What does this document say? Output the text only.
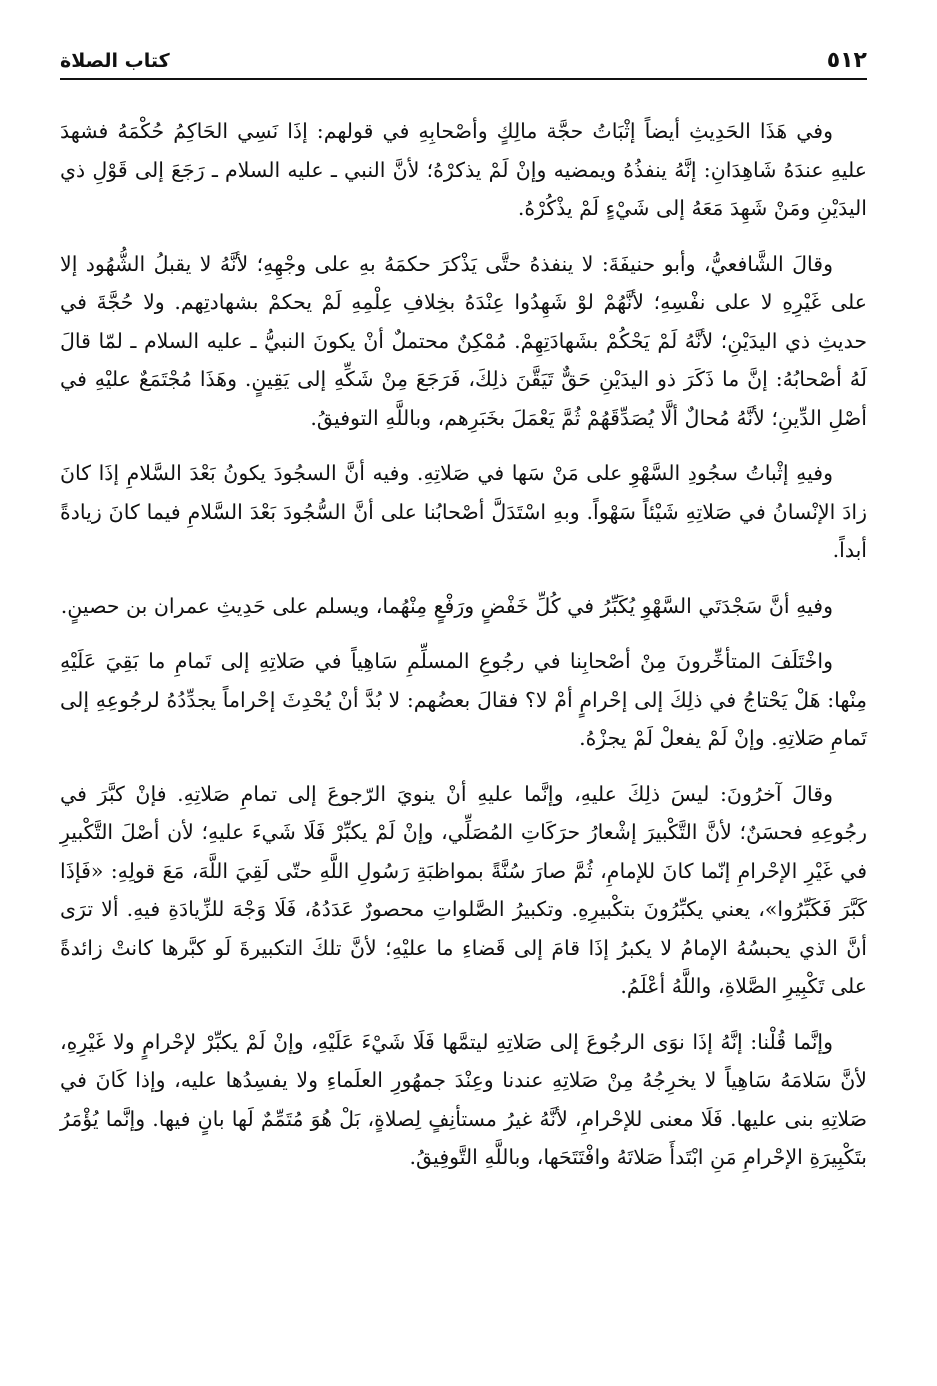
٥١٢
كتاب الصلاة

وفي هَذَا الحَدِيثِ أيضاً إثْبَاتُ حجَّة مالِكٍ وأصْحابِهِ في قولهم: إذَا نَسِي الحَاكِمُ حُكْمَهُ فشهدَ عليهِ عندَهُ شَاهِدَانِ: إنَّهُ ينفذُهُ ويمضيه وإنْ لَمْ يذكرْهُ؛ لأنَّ النبي ـ عليه السلام ـ رَجَعَ إلى قَوْلِ ذي اليدَيْنِ ومَنْ شَهِدَ مَعَهُ إلى شَيْءٍ لَمْ يذْكُرْهُ.

وقالَ الشَّافعيُّ، وأبو حنيفَةَ: لا ينفذهُ حتَّى يَذْكرَ حكمَهُ بهِ على وجْهِهِ؛ لأنَّهُ لا يقبلُ الشُّهُود إلا على غَيْرِهِ لا على نفْسِهِ؛ لأنَّهُمْ لوْ شَهِدُوا عِنْدَهُ بخِلافِ عِلْمِهِ لَمْ يحكمْ بشهادتِهم. ولا حُجَّةَ في حديثِ ذي اليدَيْنِ؛ لأنَّهُ لَمْ يَحْكُمْ بشَهادَتِهِمْ. مُمْكِنٌ محتملٌ أنْ يكونَ النبيُّ ـ عليه السلام ـ لمّا قالَ لَهُ أصْحابُهُ: إنَّ ما ذَكَرَ ذو اليدَيْنِ حَقٌّ تَيَقَّنَ ذلِكَ، فَرَجَعَ مِنْ شَكِّهِ إلى يَقِينٍ. وهَذَا مُجْتَمَعٌ عليْهِ في أصْلِ الدِّينِ؛ لأنَّهُ مُحالٌ ألَّا يُصَدِّقَهُمْ ثُمَّ يَعْمَلَ بخَبَرِهم، وباللَّهِ التوفيقُ.

وفيهِ إثْباتُ سجُودِ السَّهْوِ على مَنْ سَها في صَلاتِهِ. وفيه أنَّ السجُودَ يكونُ بَعْدَ السَّلامِ إذَا كانَ زادَ الإنْسانُ في صَلاتِهِ شَيْئاً سَهْواً. وبهِ اسْتَدَلَّ أصْحابُنا على أنَّ السُّجُودَ بَعْدَ السَّلامِ فيما كانَ زيادةً أبداً.

وفيهِ أنَّ سَجْدَتَي السَّهْوِ يُكَبِّرُ في كُلِّ خَفْضٍ ورَفْعٍ مِنْهُما، ويسلم على حَدِيثِ عمران بن حصينٍ.

واخْتَلَفَ المتأخِّرونَ مِنْ أصْحابِنا في رجُوعِ المسلِّمِ سَاهِياً في صَلاتِهِ إلى تَمامِ ما بَقِيَ عَلَيْهِ مِنْها: هَلْ يَحْتاجُ في ذلِكَ إلى إحْرامٍ أمْ لا؟ فقالَ بعضُهم: لا بُدَّ أنْ يُحْدِثَ إحْراماً يجدِّدُهُ لرجُوعِهِ إلى تَمامِ صَلاتِهِ. وإنْ لَمْ يفعلْ لَمْ يجزْهُ.

وقالَ آخرُونَ: ليسَ ذلِكَ عليهِ، وإنَّما عليهِ أنْ ينويَ الرّجوعَ إلى تمامِ صَلاتِهِ. فإنْ كبَّرَ في رجُوعِهِ فحسَنٌ؛ لأنَّ التَّكْبيرَ إشْعارُ حرَكَاتِ المُصَلِّي، وإنْ لَمْ يكبِّرْ فَلَا شَيءَ عليهِ؛ لأن أصْلَ التَّكْبيرِ في غَيْرِ الإحْرامِ إنّما كانَ للإمامِ، ثُمَّ صارَ سُنَّةً بمواظبَةِ رَسُولِ اللَّهِ حتّى لَقِيَ اللَّهَ، مَعَ قولِهِ: «فَإذَا كَبَّرَ فَكَبِّرُوا»، يعني يكبِّرُونَ بتكْبيرِهِ. وتكبيرُ الصَّلواتِ محصورٌ عَدَدُهُ، فَلَا وَجْهَ للزِّيادَةِ فيهِ. ألا ترَى أنَّ الذي يحبسُهُ الإمامُ لا يكبرُ إذَا قامَ إلى قَضاءِ ما عليْهِ؛ لأنَّ تلكَ التكبيرةَ لَو كبَّرها كانتْ زائدةً على تَكْبِيرِ الصَّلاةِ، واللَّهُ أعْلَمُ.

وإنَّما قُلْنا: إنَّهُ إذَا نوَى الرجُوعَ إلى صَلاتِهِ ليتمَّها فَلَا شَيْءَ عَلَيْهِ، وإنْ لَمْ يكبِّرْ لإحْرامٍ ولا غَيْرِهِ، لأنَّ سَلامَهُ سَاهِياً لا يخرِجُهُ مِنْ صَلاتِهِ عندنا وعِنْدَ جمهُورِ العلَماءِ ولا يفسِدُها عليه، وإذا كَانَ في صَلاتِهِ بنى عليها. فَلَا معنى للإحْرامِ، لأنَّهُ غيرُ مستأنِفٍ لِصلاةٍ، بَلْ هُوَ مُتَمِّمٌ لَها بانٍ فيها. وإنَّما يُؤْمَرُ بتَكْبِيرَةِ الإحْرامِ مَنِ ابْتَدأَ صَلاتَهُ وافْتَتَحَها، وباللَّهِ التَّوفِيقُ.
